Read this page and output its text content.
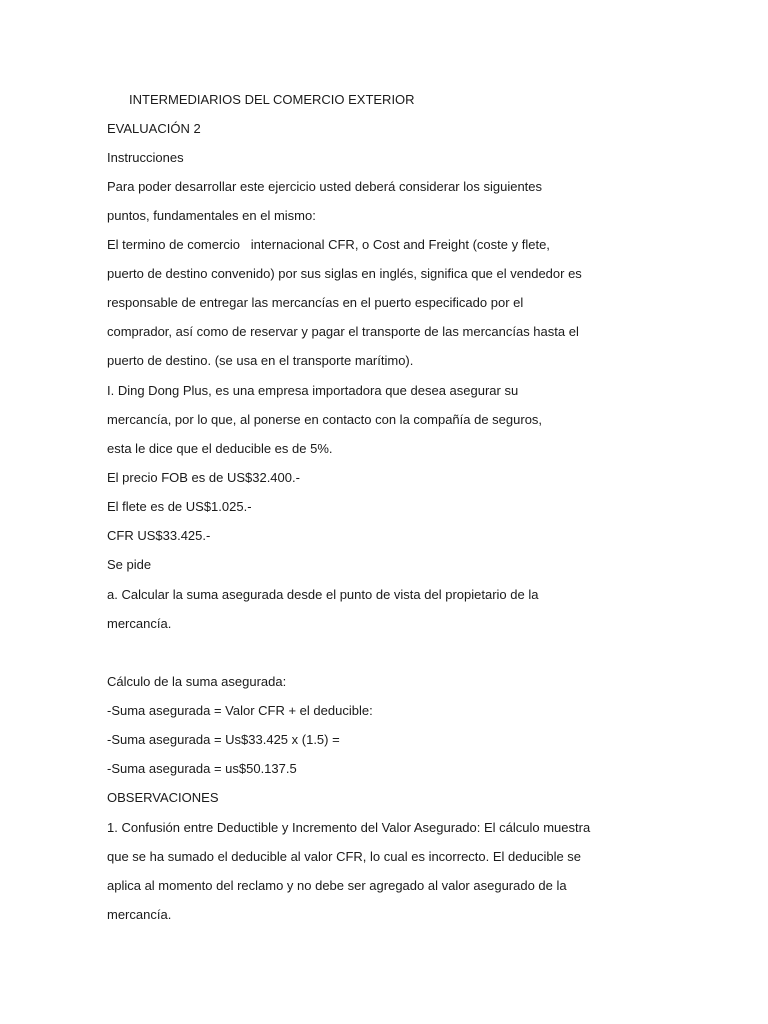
INTERMEDIARIOS DEL COMERCIO EXTERIOR
EVALUACIÓN 2
Instrucciones
Para poder desarrollar este ejercicio usted deberá considerar los siguientes
puntos, fundamentales en el mismo:
El termino de comercio   internacional CFR, o Cost and Freight (coste y flete,
puerto de destino convenido) por sus siglas en inglés, significa que el vendedor es
responsable de entregar las mercancías en el puerto especificado por el
comprador, así como de reservar y pagar el transporte de las mercancías hasta el
puerto de destino. (se usa en el transporte marítimo).
I. Ding Dong Plus, es una empresa importadora que desea asegurar su
mercancía, por lo que, al ponerse en contacto con la compañía de seguros,
esta le dice que el deducible es de 5%.
El precio FOB es de US$32.400.-
El flete es de US$1.025.-
CFR US$33.425.-
Se pide
a. Calcular la suma asegurada desde el punto de vista del propietario de la
mercancía.
Cálculo de la suma asegurada:
-Suma asegurada = Valor CFR + el deducible:
-Suma asegurada = Us$33.425 x (1.5) =
-Suma asegurada = us$50.137.5
OBSERVACIONES
1. Confusión entre Deductible y Incremento del Valor Asegurado: El cálculo muestra
que se ha sumado el deducible al valor CFR, lo cual es incorrecto. El deducible se
aplica al momento del reclamo y no debe ser agregado al valor asegurado de la
mercancía.
